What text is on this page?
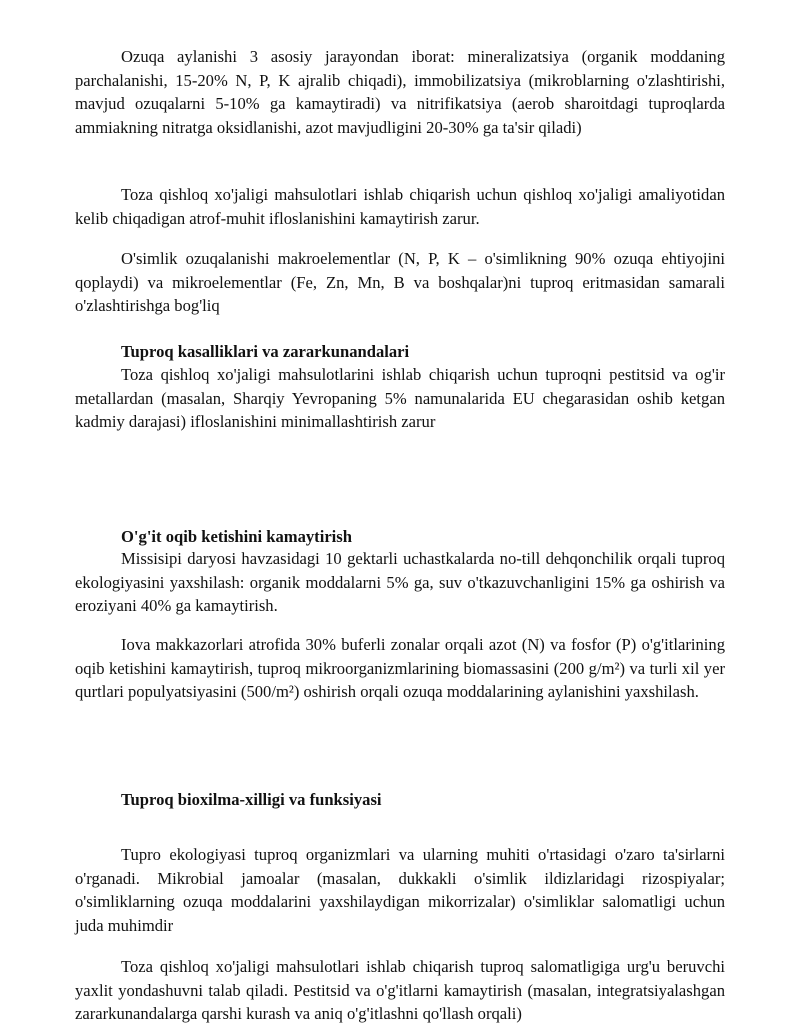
Ozuqa aylanishi 3 asosiy jarayondan iborat: mineralizatsiya (organik moddaning parchalanishi, 15-20% N, P, K ajralib chiqadi), immobilizatsiya (mikroblarning o'zlashtirishi, mavjud ozuqalarni 5-10% ga kamaytiradi) va nitrifikatsiya (aerob sharoitdagi tuproqlarda ammiakning nitratga oksidlanishi, azot mavjudligini 20-30% ga ta'sir qiladi)

Toza qishloq xo'jaligi mahsulotlari ishlab chiqarish uchun qishloq xo'jaligi amaliyotidan kelib chiqadigan atrof-muhit ifloslanishini kamaytirish zarur.

O'simlik ozuqalanishi makroelementlar (N, P, K – o'simlikning 90% ozuqa ehtiyojini qoplaydi) va mikroelementlar (Fe, Zn, Mn, B va boshqalar)ni tuproq eritmasidan samarali o'zlashtirishga bog'liq

Tuproq kasalliklari va zararkunandalari

Toza qishloq xo'jaligi mahsulotlarini ishlab chiqarish uchun tuproqni pestitsid va og'ir metallardan (masalan, Sharqiy Yevropaning 5% namunalarida EU chegarasidan oshib ketgan kadmiy darajasi) ifloslanishini minimallashtirish zarur

O'g'it oqib ketishini kamaytirish

Missisipi daryosi havzasidagi 10 gektarli uchastkalarda no-till dehqonchilik orqali tuproq ekologiyasini yaxshilash: organik moddalarni 5% ga, suv o'tkazuvchanligini 15% ga oshirish va eroziyani 40% ga kamaytirish.

Iova makkazorlari atrofida 30% buferli zonalar orqali azot (N) va fosfor (P) o'g'itlarining oqib ketishini kamaytirish, tuproq mikroorganizmlarining biomassasini (200 g/m²) va turli xil yer qurtlari populyatsiyasini (500/m²) oshirish orqali ozuqa moddalarining aylanishini yaxshilash.

Tuproq bioxilma-xilligi va funksiyasi

Tupro ekologiyasi tuproq organizmlari va ularning muhiti o'rtasidagi o'zaro ta'sirlarni o'rganadi. Mikrobial jamoalar (masalan, dukkakli o'simlik ildizlaridagi rizospiyalar; o'simliklarning ozuqa moddalarini yaxshilaydigan mikorrizalar) o'simliklar salomatligi uchun juda muhimdir

Toza qishloq xo'jaligi mahsulotlari ishlab chiqarish tuproq salomatligiga urg'u beruvchi yaxlit yondashuvni talab qiladi. Pestitsid va o'g'itlarni kamaytirish (masalan, integratsiyalashgan zararkunandalarga qarshi kurash va aniq o'g'itlashni qo'llash orqali)
